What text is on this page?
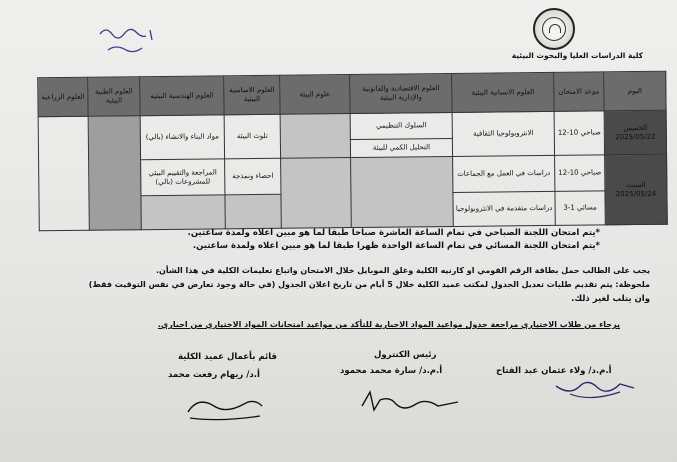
كلية الدراسات العليا والبحوث البيئية
اليوم	موعد الامتحان	العلوم الانسانية البيئية	العلوم الاقتصادية والقانونية والإدارية البيئية	علوم البيئة	العلوم الاساسية البيئية	العلوم الهندسية البيئية	العلوم الطبية البيئية	العلوم الزراعية
الخميس 2025/05/22	صباحي 10-12	الانثروبولوجيا الثقافية	السلوك التنظيمي		تلوث البيئة	مواد البناء والانشاء (بالي)		
			التحليل الكمي للبيئة					
السبت 2025/05/24	صباحي 10-12	دراسات في العمل مع الجماعات			احصاء ونمذجة	المراجعة والتقييم البيئي للمشروعات (بالي)		
	مسائي 1-3	دراسات متقدمة في الانثروبولوجيا						
*يتم امتحان اللجنة الصباحي في تمام الساعة العاشرة صباحا طبقا لما هو مبين اعلاه ولمدة ساعتين.
*يتم امتحان اللجنة المسائي في تمام الساعة الواحدة ظهرا طبقا لما هو مبين اعلاه ولمدة ساعتين.
يجب على الطالب حمل بطاقة الرقم القومي او كارنيه الكلية وغلق الموبايل خلال الامتحان واتباع تعليمات الكلية في هذا الشأن.
ملحوظة: يتم تقديم طلبات تعديل الجدول لمكتب عميد الكلية خلال 5 أيام من تاريخ اعلان الجدول (في حالة وجود تعارض في نفس التوقيت فقط)
وان يتلب لغير ذلك.
يرجاء من طلاب الاختياري مراجعة جدول مواعيد المواد الاجبارية للتأكد من مواعيد امتحانات المواد الاختياري من اجباري.
رئيس الكنترول
أ.م.د/ سارة محمد محمود	أ.م.د/ ولاء عثمان عبد الفتاح
قائم بأعمال عميد الكلية
أ.د/ ريهام رفعت محمد
